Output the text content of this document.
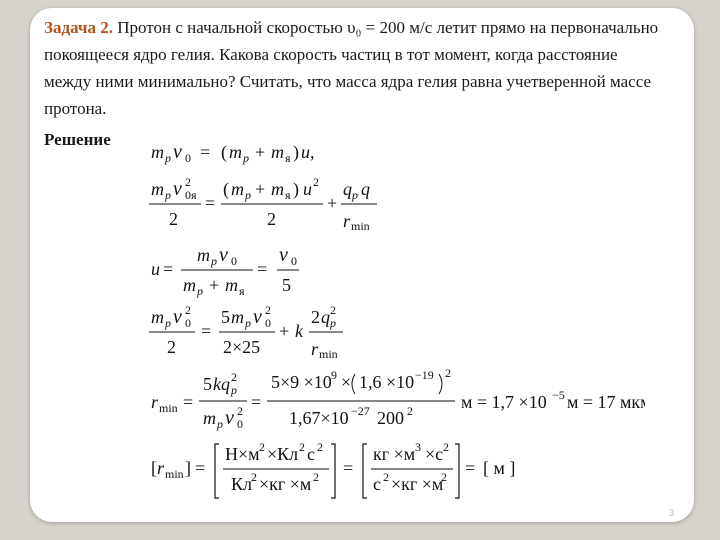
Задача 2. Протон с начальной скоростью υ₀ = 200 м/с летит прямо на первоначально покоящееся ядро гелия. Какова скорость частиц в тот момент, когда расстояние между ними минимально? Считать, что масса ядра гелия равна учетверенной массе протона.

Решение
m p v 0 = ( m p + m я ) u,
m p v 2
0я
2
=
( m p + m я ) u 2
2
+
q p q
r min
u =
m p v 0
m p + m я
=
v 0
5
m p v 2
0
2
=
5 m p v 2
0
2×25
+ k
2 q 2
p
r min
r min =
5 kq 2
p
m p v 2
0
=
5×9 ×10 9 × 1,6 ×10 −19 2
1,67×10 −27 200 2	м = 1,7 ×10 −5 м = 17 мкм
[ r min ] =
Н×м 2 ×Кл 2 с 2
Кл 2 ×кг ×м 2 =
кг ×м 3 ×с 2
с 2 ×кг ×м
2 = [ м ]
3
